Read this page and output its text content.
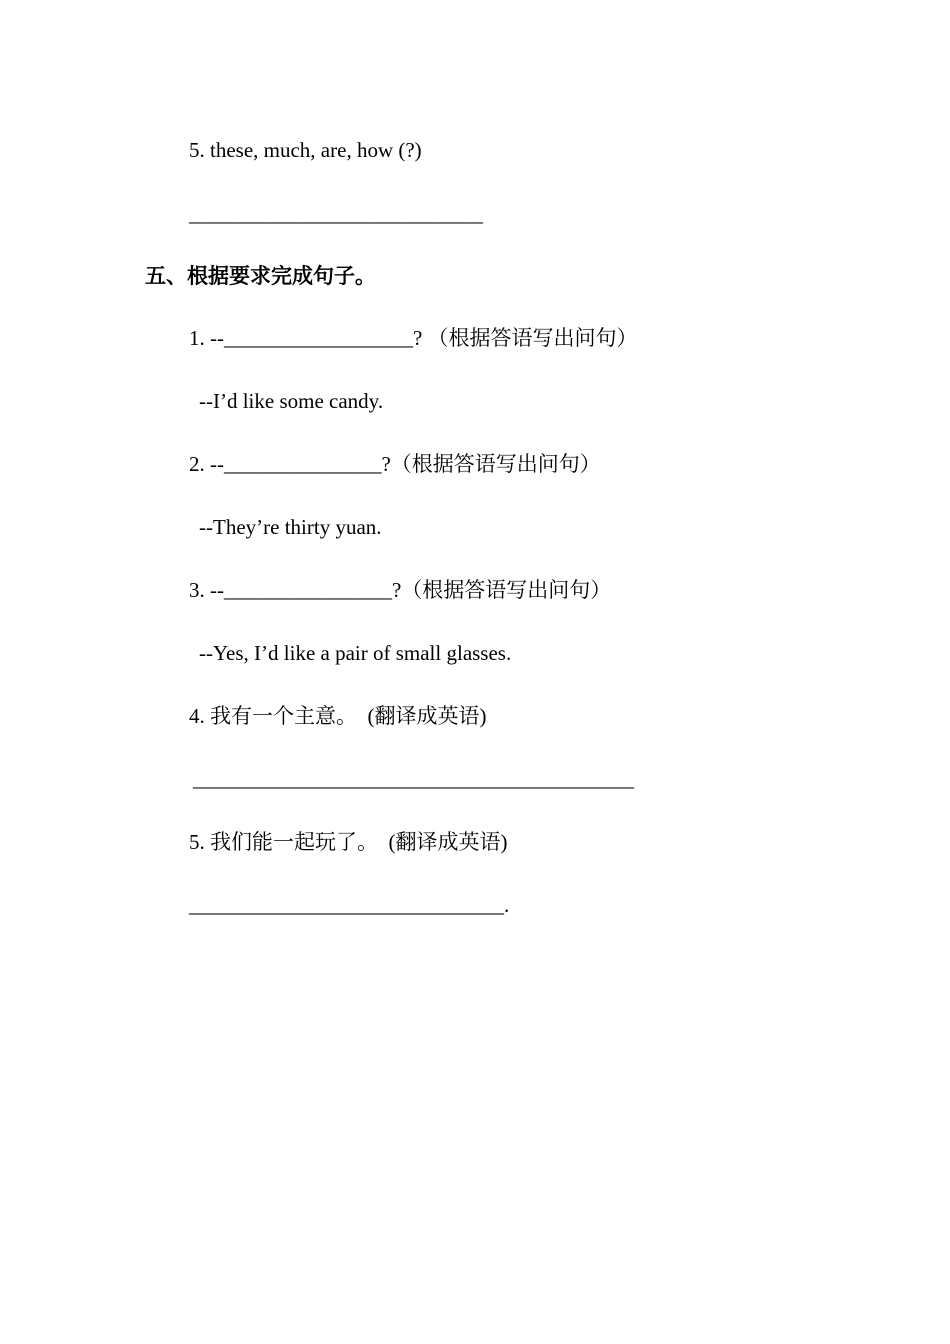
5. these, much, are, how (?)
____________________________
五、根据要求完成句子。
1. --__________________? （根据答语写出问句）
--I’d like some candy.
2. --_______________?（根据答语写出问句）
--They’re thirty yuan.
3. --________________?（根据答语写出问句）
--Yes, I’d like a pair of small glasses.
4. 我有一个主意。  (翻译成英语)
__________________________________________
5. 我们能一起玩了。  (翻译成英语)
______________________________.
